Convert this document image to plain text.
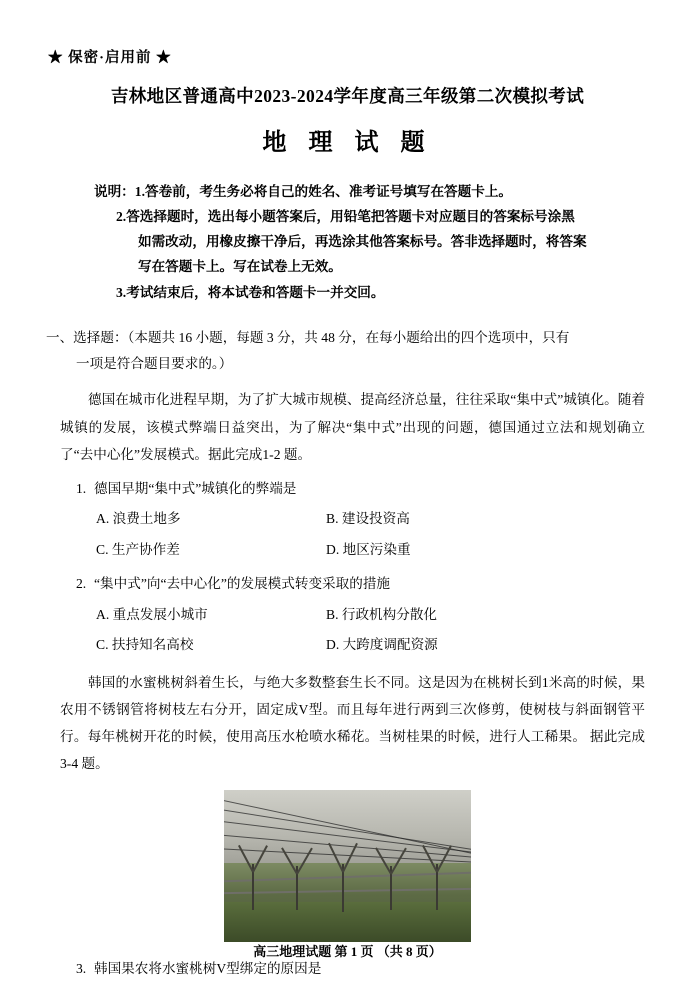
★ 保密·启用前 ★
吉林地区普通高中2023-2024学年度高三年级第二次模拟考试
地 理 试 题
说明：1.答卷前，考生务必将自己的姓名、准考证号填写在答题卡上。
2.答选择题时，选出每小题答案后，用铅笔把答题卡对应题目的答案标号涂黑
如需改动，用橡皮擦干净后，再选涂其他答案标号。答非选择题时，将答案
写在答题卡上。写在试卷上无效。
3.考试结束后，将本试卷和答题卡一并交回。
一、选择题：（本题共 16 小题，每题 3 分，共 48 分，在每小题给出的四个选项中，只有
一项是符合题目要求的。）
德国在城市化进程早期，为了扩大城市规模、提高经济总量，往往采取“集中式”城镇化。随着城镇的发展，该模式弊端日益突出，为了解决“集中式”出现的问题，德国通过立法和规划确立了“去中心化”发展模式。据此完成1-2 题。
1. 德国早期“集中式”城镇化的弊端是
A. 浪费土地多	B. 建设投资高
C. 生产协作差	D. 地区污染重
2. “集中式”向“去中心化”的发展模式转变采取的措施
A. 重点发展小城市	B. 行政机构分散化
C. 扶持知名高校	D. 大跨度调配资源
韩国的水蜜桃树斜着生长，与绝大多数整套生长不同。这是因为在桃树长到1米高的时候，果农用不锈钢管将树枝左右分开，固定成V型。而且每年进行两到三次修剪，使树枝与斜面钢管平行。每年桃树开花的时候，使用高压水枪喷水稀花。当树桂果的时候，进行人工稀果。 据此完成3-4 题。
3. 韩国果农将水蜜桃树V型绑定的原因是
高三地理试题 第 1 页 （共 8 页）
